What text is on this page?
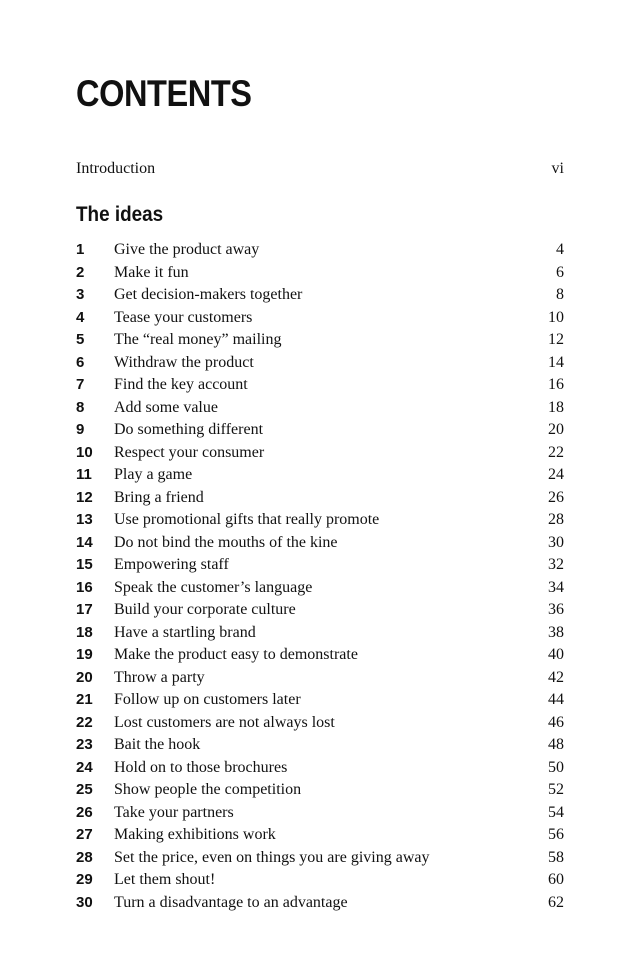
CONTENTS
Introduction	vi
The ideas
1 Give the product away	4
2 Make it fun	6
3 Get decision-makers together	8
4 Tease your customers	10
5 The “real money” mailing	12
6 Withdraw the product	14
7 Find the key account	16
8 Add some value	18
9 Do something different	20
10 Respect your consumer	22
11 Play a game	24
12 Bring a friend	26
13 Use promotional gifts that really promote	28
14 Do not bind the mouths of the kine	30
15 Empowering staff	32
16 Speak the customer’s language	34
17 Build your corporate culture	36
18 Have a startling brand	38
19 Make the product easy to demonstrate	40
20 Throw a party	42
21 Follow up on customers later	44
22 Lost customers are not always lost	46
23 Bait the hook	48
24 Hold on to those brochures	50
25 Show people the competition	52
26 Take your partners	54
27 Making exhibitions work	56
28 Set the price, even on things you are giving away	58
29 Let them shout!	60
30 Turn a disadvantage to an advantage	62
